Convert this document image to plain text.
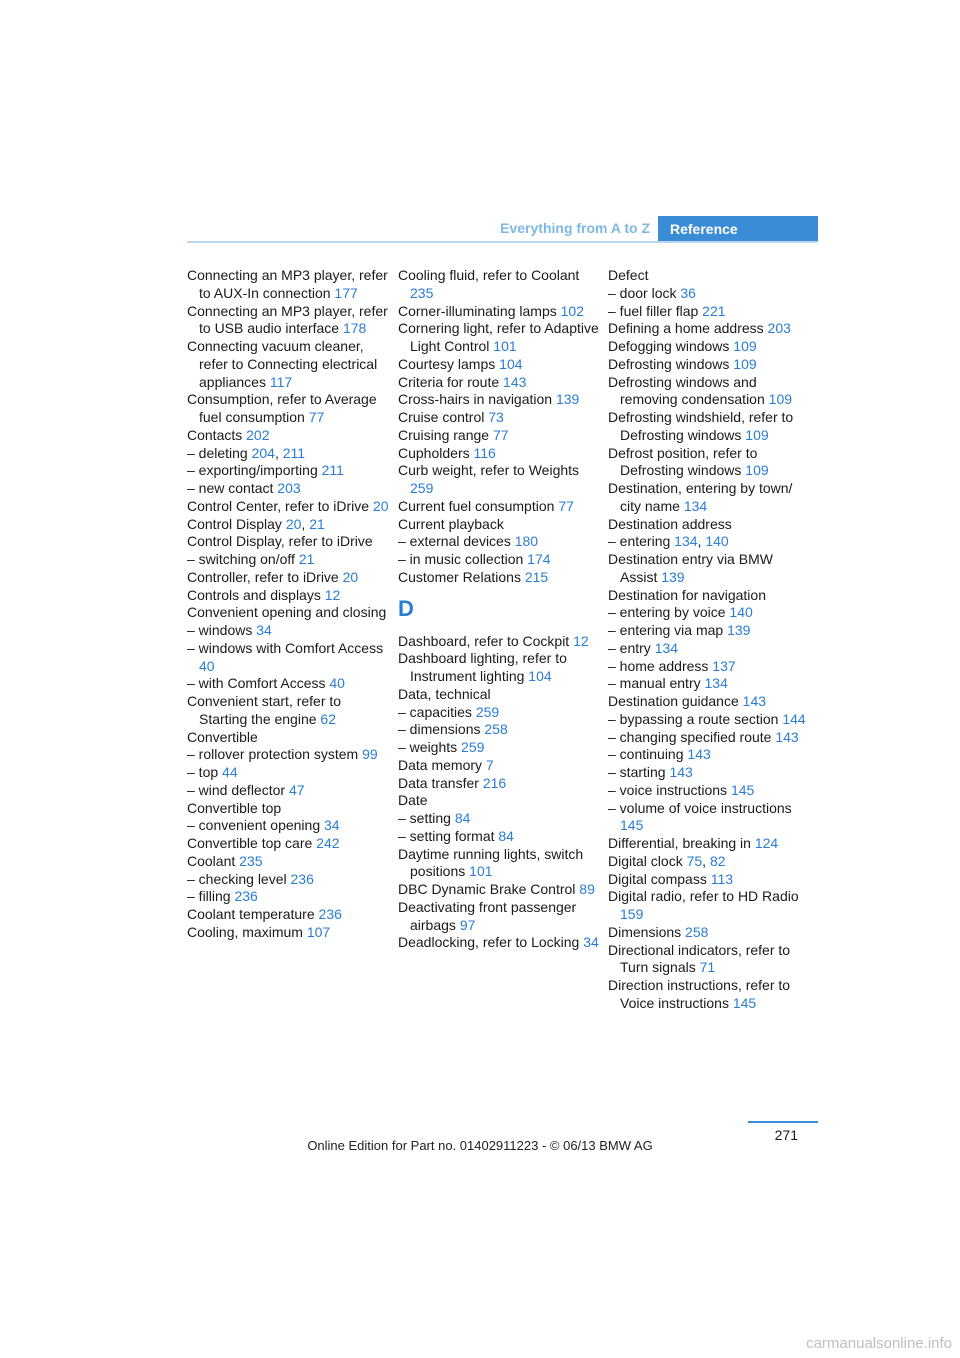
Everything from A to Z	Reference
Connecting an MP3 player, refer to AUX-In connection 177
Connecting an MP3 player, refer to USB audio interface 178
Connecting vacuum cleaner, refer to Connecting electrical appliances 117
Consumption, refer to Average fuel consumption 77
Contacts 202
– deleting 204, 211
– exporting/importing 211
– new contact 203
Control Center, refer to iDrive 20
Control Display 20, 21
Control Display, refer to iDrive
– switching on/off 21
Controller, refer to iDrive 20
Controls and displays 12
Convenient opening and closing
– windows 34
– windows with Comfort Access 40
– with Comfort Access 40
Convenient start, refer to Starting the engine 62
Convertible
– rollover protection system 99
– top 44
– wind deflector 47
Convertible top
– convenient opening 34
Convertible top care 242
Coolant 235
– checking level 236
– filling 236
Coolant temperature 236
Cooling, maximum 107
Cooling fluid, refer to Coolant 235
Corner-illuminating lamps 102
Cornering light, refer to Adaptive Light Control 101
Courtesy lamps 104
Criteria for route 143
Cross-hairs in navigation 139
Cruise control 73
Cruising range 77
Cupholders 116
Curb weight, refer to Weights 259
Current fuel consumption 77
Current playback
– external devices 180
– in music collection 174
Customer Relations 215
D
Dashboard, refer to Cockpit 12
Dashboard lighting, refer to Instrument lighting 104
Data, technical
– capacities 259
– dimensions 258
– weights 259
Data memory 7
Data transfer 216
Date
– setting 84
– setting format 84
Daytime running lights, switch positions 101
DBC Dynamic Brake Control 89
Deactivating front passenger airbags 97
Deadlocking, refer to Locking 34
Defect
– door lock 36
– fuel filler flap 221
Defining a home address 203
Defogging windows 109
Defrosting windows 109
Defrosting windows and removing condensation 109
Defrosting windshield, refer to Defrosting windows 109
Defrost position, refer to Defrosting windows 109
Destination, entering by town/ city name 134
Destination address
– entering 134, 140
Destination entry via BMW Assist 139
Destination for navigation
– entering by voice 140
– entering via map 139
– entry 134
– home address 137
– manual entry 134
Destination guidance 143
– bypassing a route section 144
– changing specified route 143
– continuing 143
– starting 143
– voice instructions 145
– volume of voice instructions 145
Differential, breaking in 124
Digital clock 75, 82
Digital compass 113
Digital radio, refer to HD Radio 159
Dimensions 258
Directional indicators, refer to Turn signals 71
Direction instructions, refer to Voice instructions 145
271
Online Edition for Part no. 01402911223 - © 06/13 BMW AG
carmanualsonline.info
